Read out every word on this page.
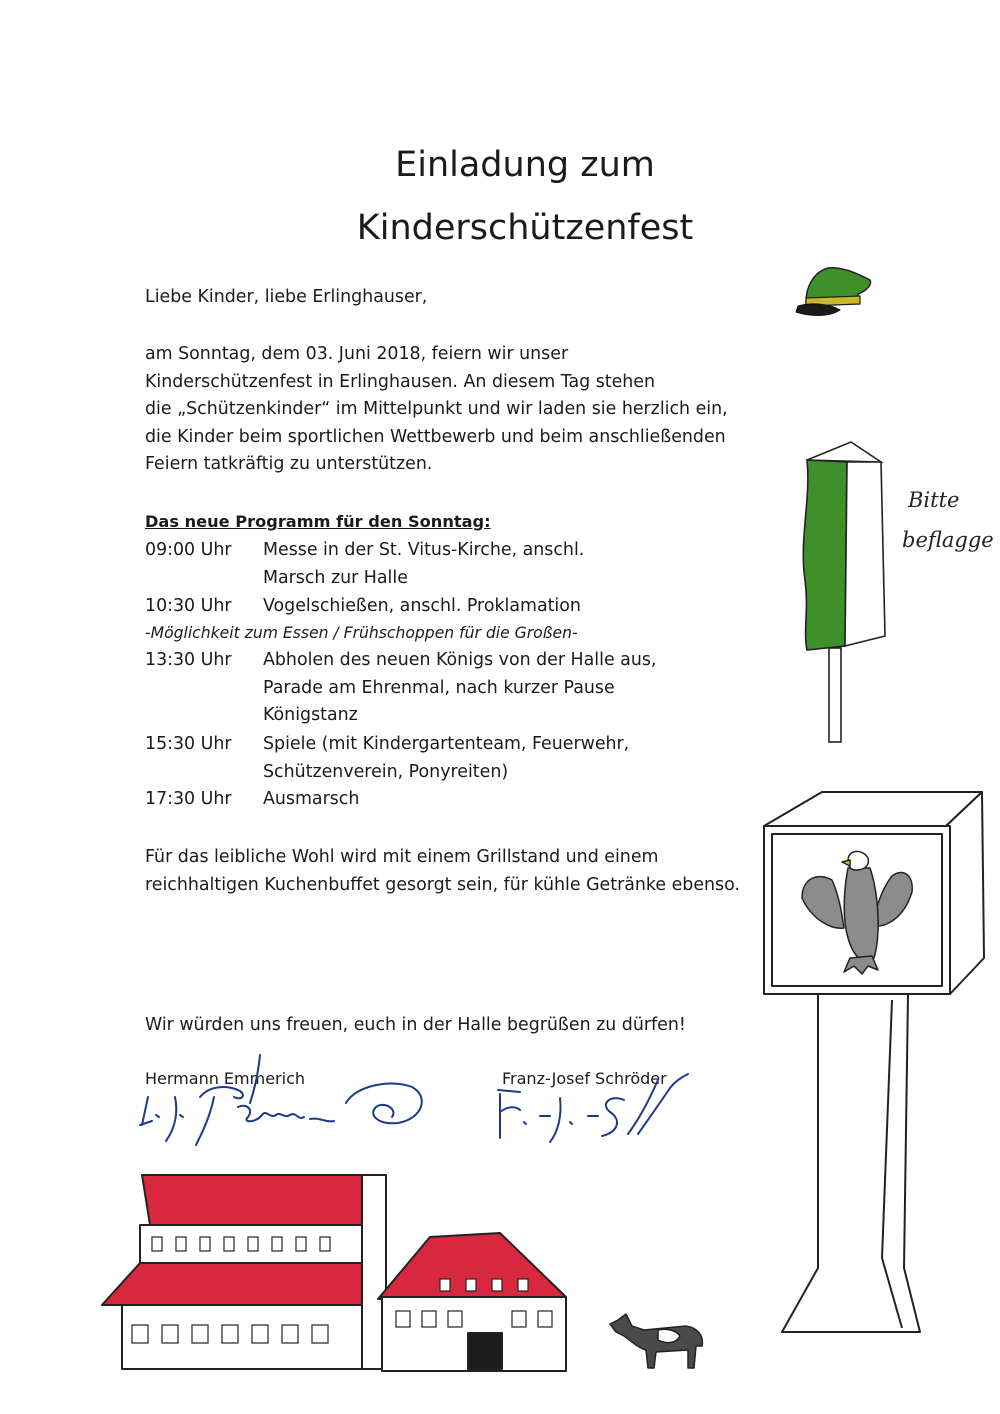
Einladung zum
Kinderschützenfest
Liebe Kinder, liebe Erlinghauser,
am Sonntag, dem 03. Juni 2018, feiern wir unser
Kinderschützenfest in Erlinghausen. An diesem Tag stehen
die „Schützenkinder“ im Mittelpunkt und wir laden sie herzlich ein,
die Kinder beim sportlichen Wettbewerb und beim anschließenden
Feiern tatkräftig zu unterstützen.
Das neue Programm für den Sonntag:
09:00 Uhr Messe in der St. Vitus-Kirche, anschl.
Marsch zur Halle
10:30 Uhr Vogelschießen, anschl. Proklamation
-Möglichkeit zum Essen / Frühschoppen für die Großen-
13:30 Uhr Abholen des neuen Königs von der Halle aus,
Parade am Ehrenmal, nach kurzer Pause
Königstanz
15:30 Uhr Spiele (mit Kindergartenteam, Feuerwehr,
Schützenverein, Ponyreiten)
17:30 Uhr Ausmarsch
Für das leibliche Wohl wird mit einem Grillstand und einem
reichhaltigen Kuchenbuffet gesorgt sein, für kühle Getränke ebenso.
Wir würden uns freuen, euch in der Halle begrüßen zu dürfen!
Hermann Emmerich	Franz-Josef Schröder
Bitte
beflagge
